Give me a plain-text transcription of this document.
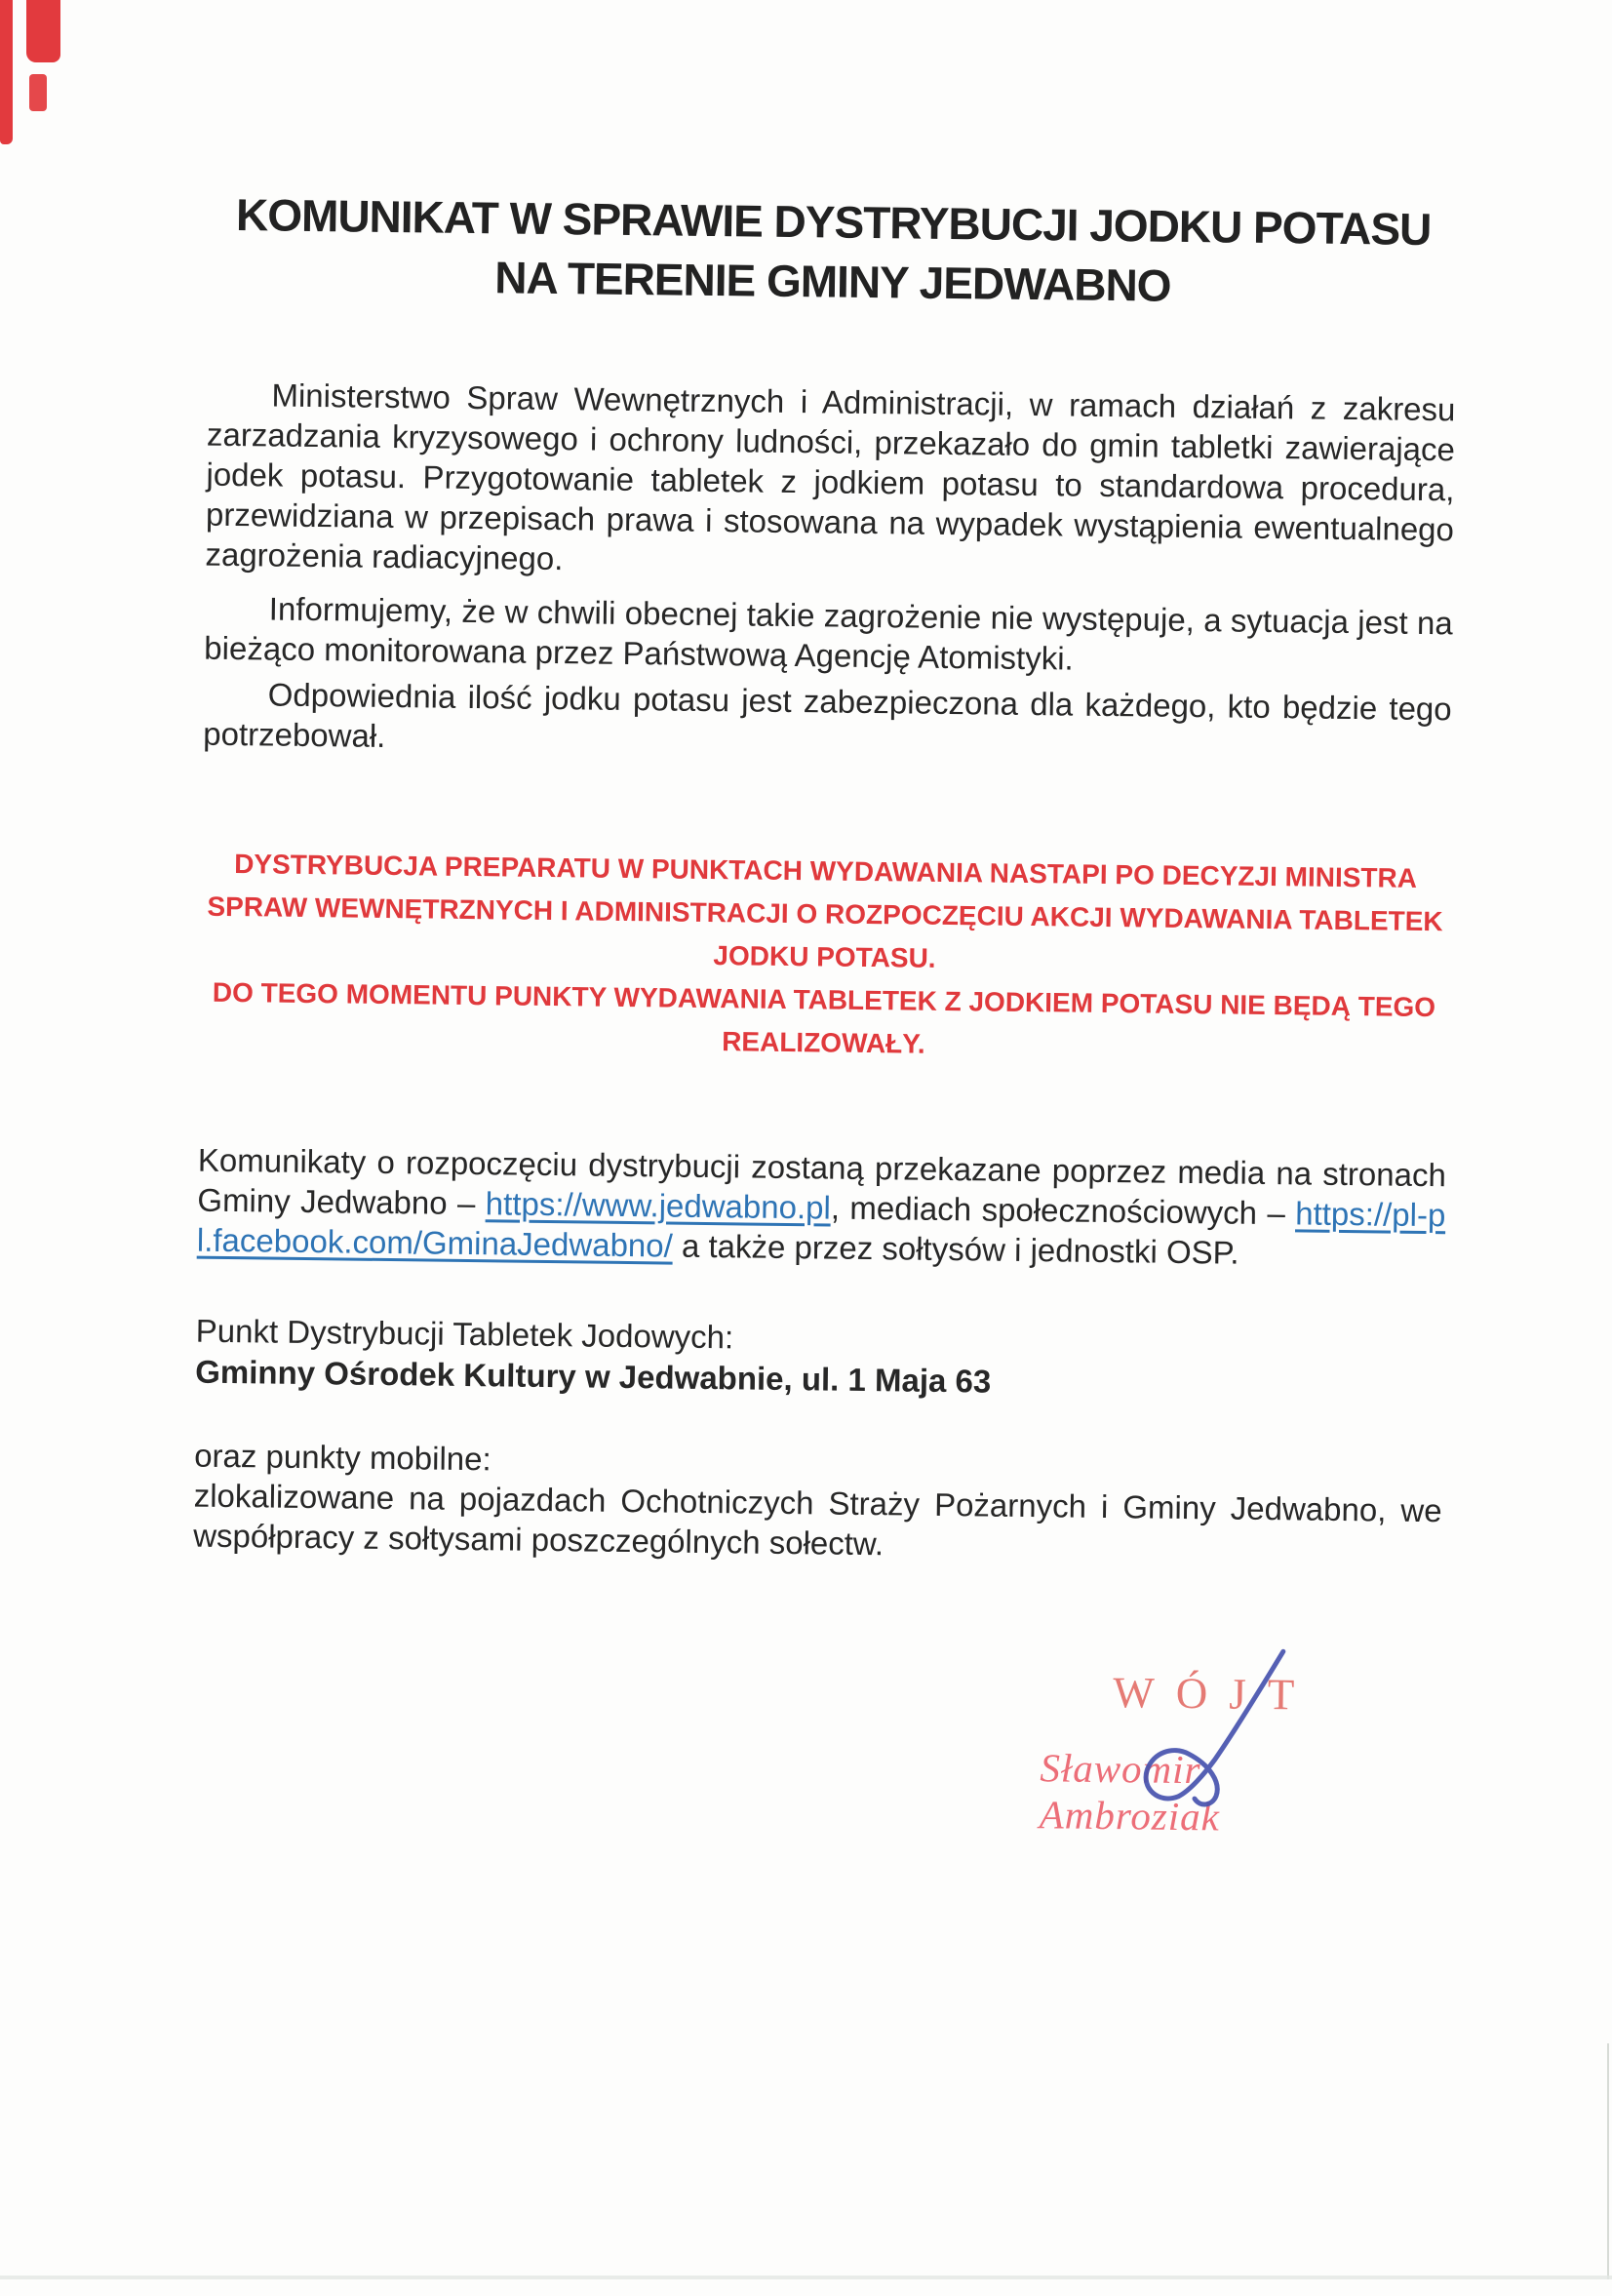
KOMUNIKAT W SPRAWIE DYSTRYBUCJI JODKU POTASU
NA TERENIE GMINY JEDWABNO

Ministerstwo Spraw Wewnętrznych i Administracji, w ramach działań z zakresu zarzadzania kryzysowego i ochrony ludności, przekazało do gmin tabletki zawierające jodek potasu. Przygotowanie tabletek z jodkiem potasu to standardowa procedura, przewidziana w przepisach prawa i stosowana na wypadek wystąpienia ewentualnego zagrożenia radiacyjnego.

Informujemy, że w chwili obecnej takie zagrożenie nie występuje, a sytuacja jest na bieżąco monitorowana przez Państwową Agencję Atomistyki.

Odpowiednia ilość jodku potasu jest zabezpieczona dla każdego, kto będzie tego potrzebował.

DYSTRYBUCJA PREPARATU W PUNKTACH WYDAWANIA NASTAPI PO DECYZJI MINISTRA
SPRAW WEWNĘTRZNYCH I ADMINISTRACJI O ROZPOCZĘCIU AKCJI WYDAWANIA TABLETEK
JODKU POTASU.
DO TEGO MOMENTU PUNKTY WYDAWANIA TABLETEK Z JODKIEM POTASU NIE BĘDĄ TEGO
REALIZOWAŁY.

Komunikaty o rozpoczęciu dystrybucji zostaną przekazane poprzez media na stronach Gminy Jedwabno – https://www.jedwabno.pl, mediach społecznościowych – https://pl-pl.facebook.com/GminaJedwabno/ a także przez sołtysów i jednostki OSP.

Punkt Dystrybucji Tabletek Jodowych:

Gminny Ośrodek Kultury w Jedwabnie, ul. 1 Maja 63

oraz punkty mobilne:

zlokalizowane na pojazdach Ochotniczych Straży Pożarnych i Gminy Jedwabno, we współpracy z sołtysami poszczególnych sołectw.

WÓJT
Sławomir Ambroziak
